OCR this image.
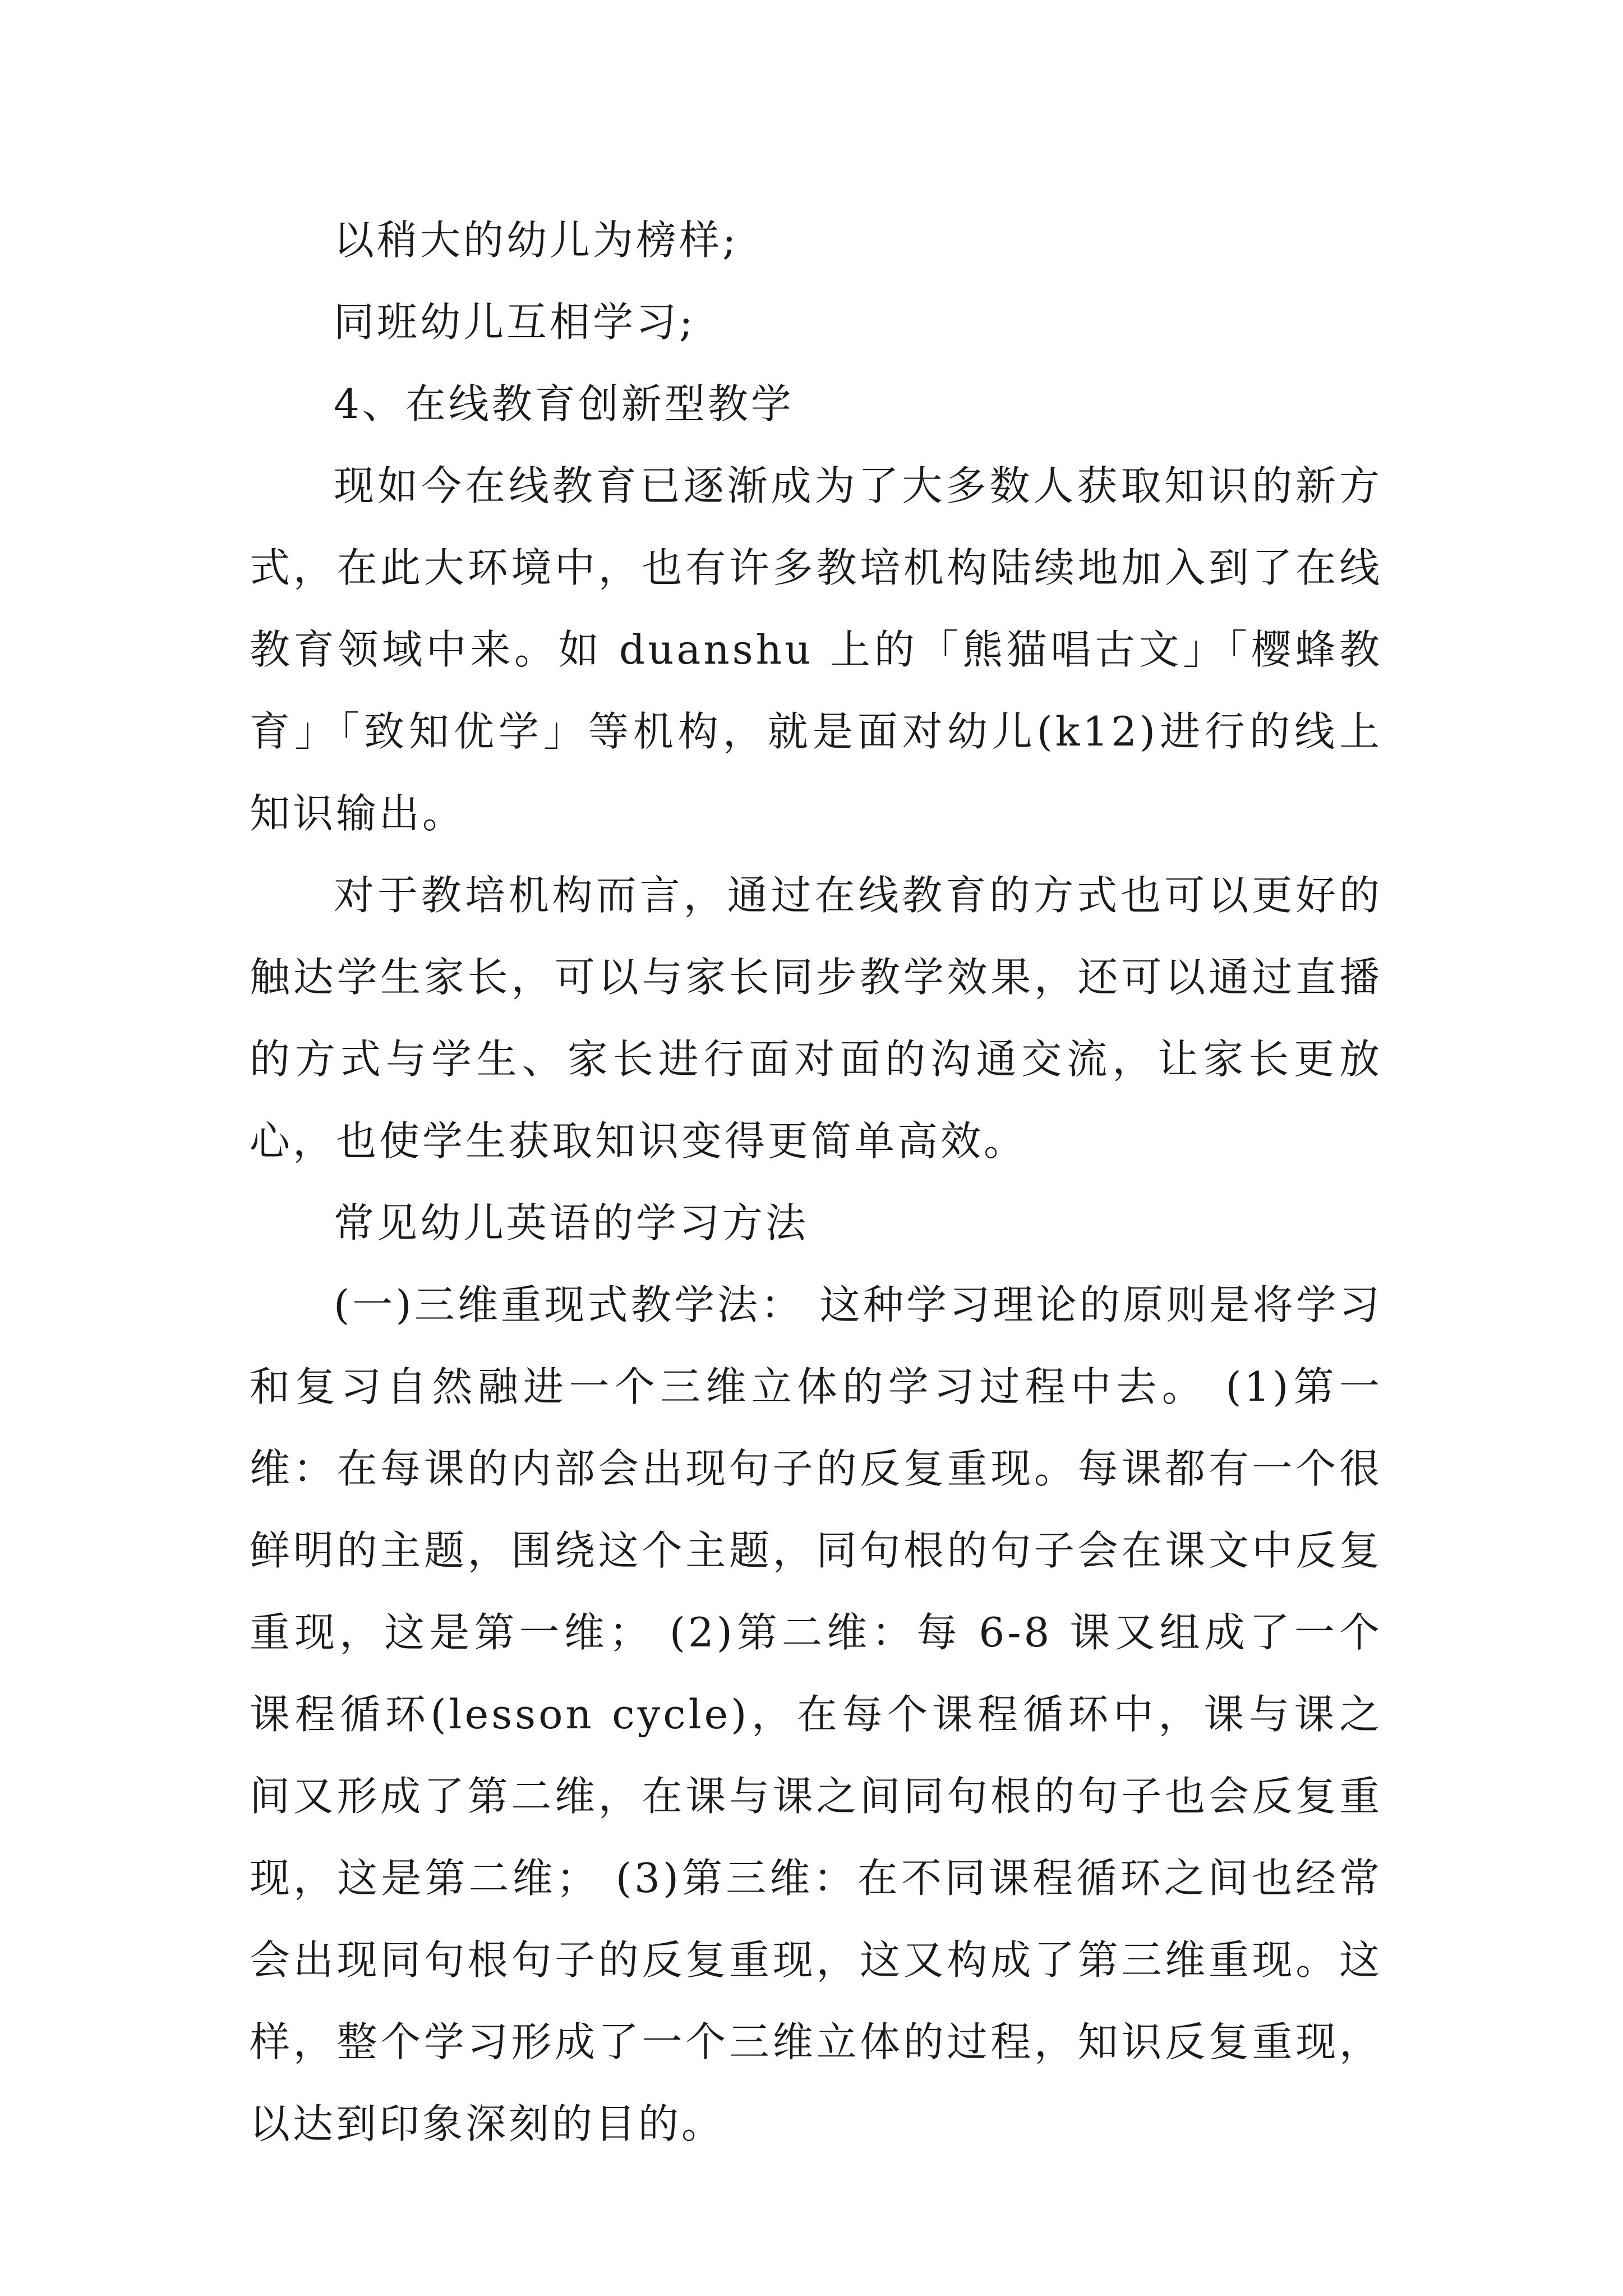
以稍大的幼儿为榜样;

同班幼儿互相学习;

4、在线教育创新型教学

现如今在线教育已逐渐成为了大多数人获取知识的新方式，在此大环境中，也有许多教培机构陆续地加入到了在线教育领域中来。如 duanshu 上的「熊猫唱古文」「樱蜂教育」「致知优学」等机构，就是面对幼儿(k12)进行的线上知识输出。

对于教培机构而言，通过在线教育的方式也可以更好的触达学生家长，可以与家长同步教学效果，还可以通过直播的方式与学生、家长进行面对面的沟通交流，让家长更放心，也使学生获取知识变得更简单高效。

常见幼儿英语的学习方法

(一)三维重现式教学法： 这种学习理论的原则是将学习和复习自然融进一个三维立体的学习过程中去。 (1)第一维：在每课的内部会出现句子的反复重现。每课都有一个很鲜明的主题，围绕这个主题，同句根的句子会在课文中反复重现，这是第一维； (2)第二维：每 6-8 课又组成了一个课程循环(lesson cycle)，在每个课程循环中，课与课之间又形成了第二维，在课与课之间同句根的句子也会反复重现，这是第二维； (3)第三维：在不同课程循环之间也经常会出现同句根句子的反复重现，这又构成了第三维重现。这样，整个学习形成了一个三维立体的过程，知识反复重现，以达到印象深刻的目的。
